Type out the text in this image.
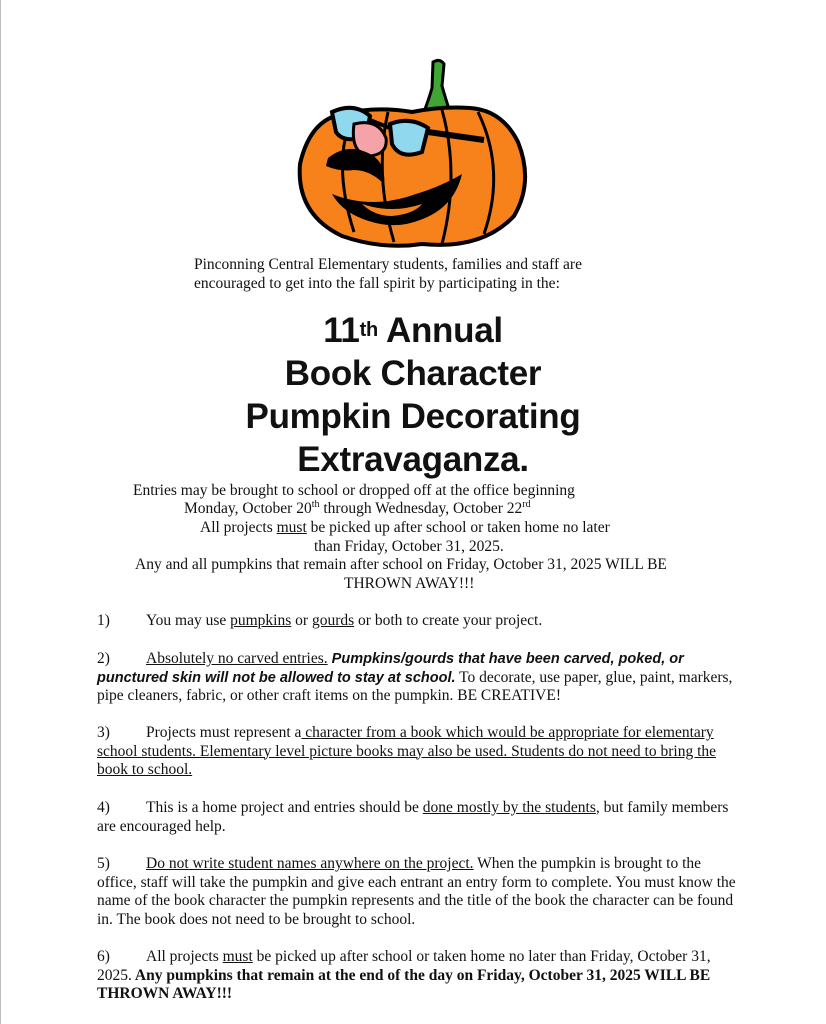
Pinconning Central Elementary students, families and staff are
encouraged to get into the fall spirit by participating in the:
11th Annual
Book Character
Pumpkin Decorating
Extravaganza.
Entries may be brought to school or dropped off at the office beginning
Monday, October 20th through Wednesday, October 22rd
All projects must be picked up after school or taken home no later
than Friday, October 31, 2025.
Any and all pumpkins that remain after school on Friday, October 31, 2025 WILL BE
THROWN AWAY!!!
1) You may use pumpkins or gourds or both to create your project.
2) Absolutely no carved entries. Pumpkins/gourds that have been carved, poked, or punctured skin will not be allowed to stay at school. To decorate, use paper, glue, paint, markers, pipe cleaners, fabric, or other craft items on the pumpkin. BE CREATIVE!
3) Projects must represent a character from a book which would be appropriate for elementary school students. Elementary level picture books may also be used. Students do not need to bring the book to school.
4) This is a home project and entries should be done mostly by the students, but family members are encouraged help.
5) Do not write student names anywhere on the project. When the pumpkin is brought to the office, staff will take the pumpkin and give each entrant an entry form to complete. You must know the name of the book character the pumpkin represents and the title of the book the character can be found in. The book does not need to be brought to school.
6) All projects must be picked up after school or taken home no later than Friday, October 31, 2025. Any pumpkins that remain at the end of the day on Friday, October 31, 2025 WILL BE THROWN AWAY!!!
